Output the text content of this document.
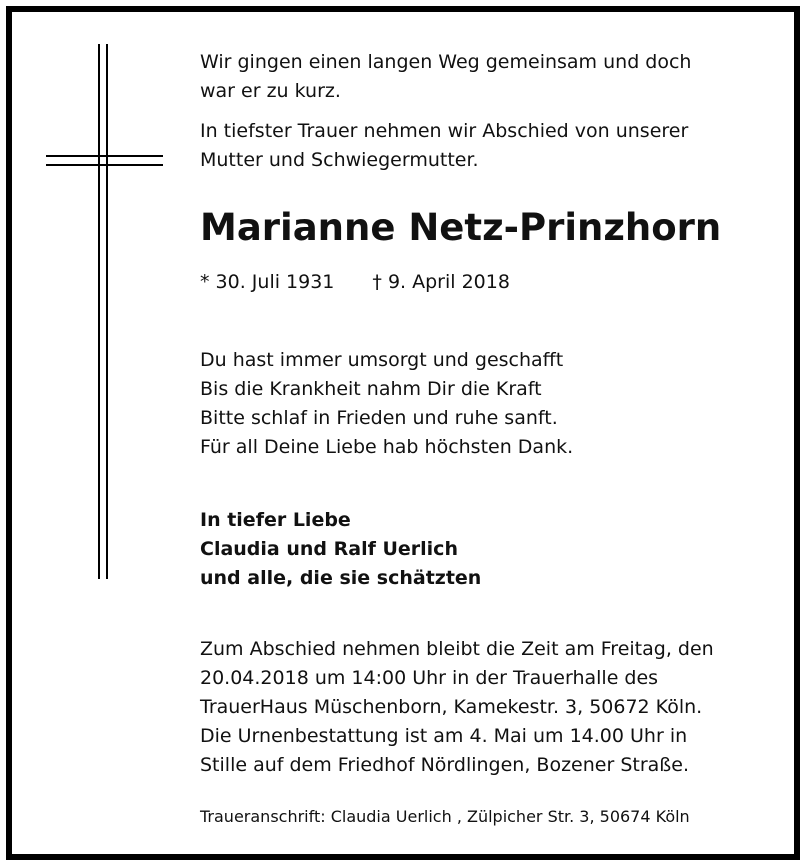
Wir gingen einen langen Weg gemeinsam und doch
war er zu kurz.
In tiefster Trauer nehmen wir Abschied von unserer
Mutter und Schwiegermutter.
Marianne Netz-Prinzhorn
* 30. Juli 1931 † 9. April 2018
Du hast immer umsorgt und geschafft
Bis die Krankheit nahm Dir die Kraft
Bitte schlaf in Frieden und ruhe sanft.
Für all Deine Liebe hab höchsten Dank.
In tiefer Liebe
Claudia und Ralf Uerlich
und alle, die sie schätzten
Zum Abschied nehmen bleibt die Zeit am Freitag, den
20.04.2018 um 14:00 Uhr in der Trauerhalle des
TrauerHaus Müschenborn, Kamekestr. 3, 50672 Köln.
Die Urnenbestattung ist am 4. Mai um 14.00 Uhr in
Stille auf dem Friedhof Nördlingen, Bozener Straße.
Traueranschrift: Claudia Uerlich , Zülpicher Str. 3, 50674 Köln
